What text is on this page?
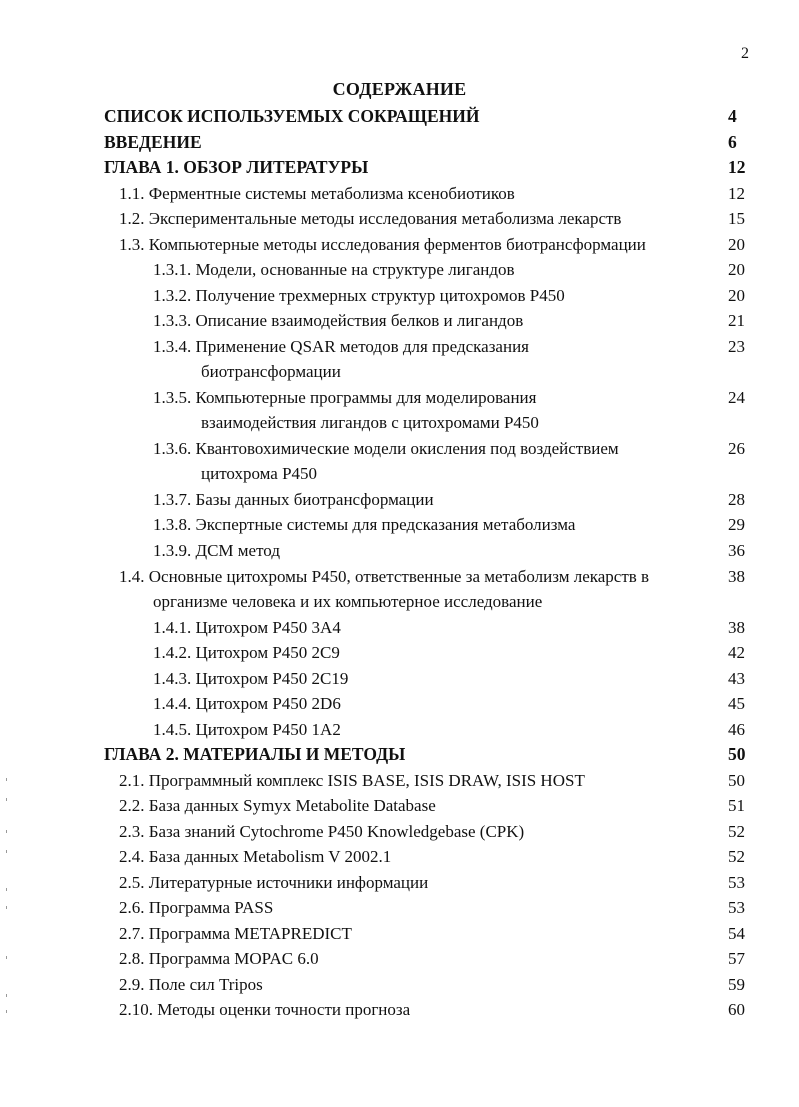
2
СОДЕРЖАНИЕ
СПИСОК ИСПОЛЬЗУЕМЫХ СОКРАЩЕНИЙ	4
ВВЕДЕНИЕ	6
ГЛАВА 1. ОБЗОР ЛИТЕРАТУРЫ	12
1.1. Ферментные системы метаболизма ксенобиотиков	12
1.2. Экспериментальные методы исследования метаболизма лекарств	15
1.3. Компьютерные методы исследования ферментов биотрансформации	20
1.3.1. Модели, основанные на структуре лигандов	20
1.3.2. Получение трехмерных структур цитохромов Р450	20
1.3.3. Описание взаимодействия белков и лигандов	21
1.3.4. Применение QSAR методов для предсказания	23
биотрансформации
1.3.5. Компьютерные программы для моделирования	24
взаимодействия лигандов с цитохромами Р450
1.3.6. Квантовохимические модели окисления под воздействием	26
цитохрома Р450
1.3.7. Базы данных биотрансформации	28
1.3.8. Экспертные системы для предсказания метаболизма	29
1.3.9. ДСМ метод	36
1.4. Основные цитохромы Р450, ответственные за метаболизм лекарств в	38
организме человека и их компьютерное исследование
1.4.1. Цитохром Р450 3А4	38
1.4.2. Цитохром Р450 2С9	42
1.4.3. Цитохром Р450 2С19	43
1.4.4. Цитохром Р450 2D6	45
1.4.5. Цитохром Р450 1А2	46
ГЛАВА 2. МАТЕРИАЛЫ И МЕТОДЫ	50
2.1. Программный комплекс ISIS BASE, ISIS DRAW, ISIS HOST	50
2.2. База данных Symyx Metabolite Database	51
2.3. База знаний Cytochrome P450 Knowledgebase (CPK)	52
2.4. База данных Metabolism V 2002.1	52
2.5. Литературные источники информации	53
2.6. Программа PASS	53
2.7. Программа METAPREDICT	54
2.8. Программа MOPAC 6.0	57
2.9. Поле сил Tripos	59
2.10. Методы оценки точности прогноза	60
